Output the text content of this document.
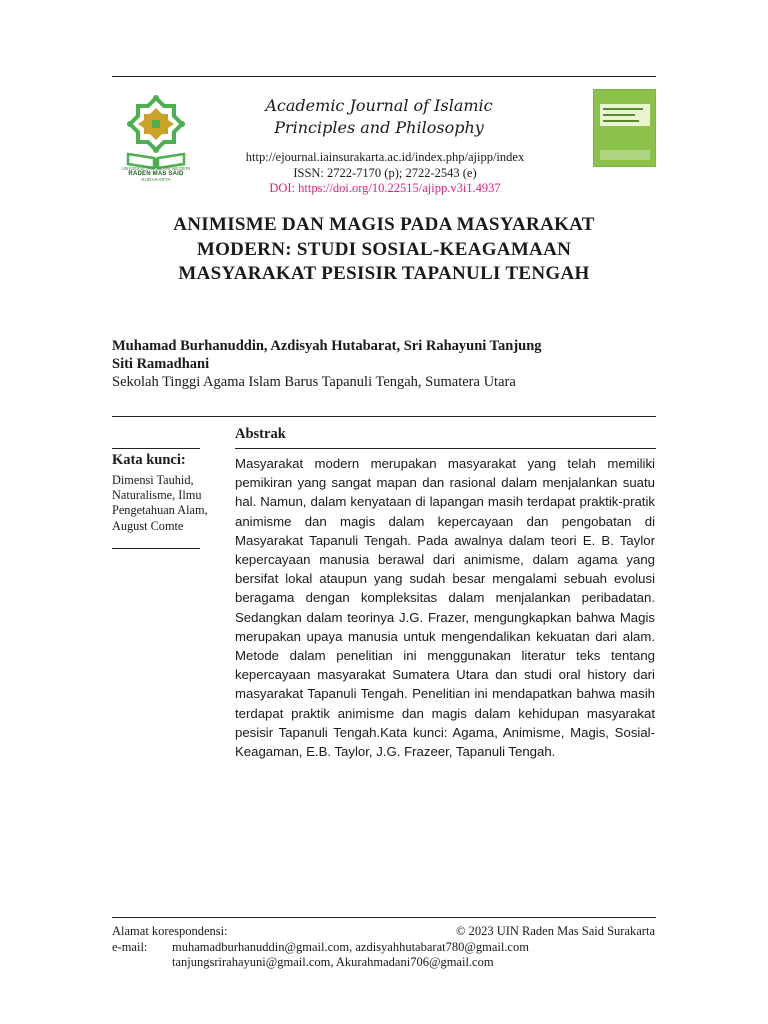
UNIVERSITAS ISLAM NEGERI
RADEN MAS SAID
SURAKARTA
Academic Journal of Islamic
Principles and Philosophy
http://ejournal.iainsurakarta.ac.id/index.php/ajipp/index
ISSN: 2722-7170 (p); 2722-2543 (e)
DOI: https://doi.org/10.22515/ajipp.v3i1.4937
ANIMISME DAN MAGIS PADA MASYARAKAT
MODERN: STUDI SOSIAL-KEAGAMAAN
MASYARAKAT PESISIR TAPANULI TENGAH
Muhamad Burhanuddin, Azdisyah Hutabarat, Sri Rahayuni Tanjung
Siti Ramadhani
Sekolah Tinggi Agama Islam Barus Tapanuli Tengah, Sumatera Utara
Abstrak
Kata kunci:
Dimensi Tauhid,
Naturalisme, Ilmu
Pengetahuan Alam,
August Comte
Masyarakat modern merupakan masyarakat yang telah memiliki pemikiran yang sangat mapan dan rasional dalam menjalankan suatu hal. Namun, dalam kenyataan di lapangan masih terdapat praktik-pratik animisme dan magis dalam kepercayaan dan pengobatan di Masyarakat Tapanuli Tengah. Pada awalnya dalam teori E. B. Taylor kepercayaan manusia berawal dari animisme, dalam agama yang bersifat lokal ataupun yang sudah besar mengalami sebuah evolusi beragama dengan kompleksitas dalam menjalankan peribadatan. Sedangkan dalam teorinya J.G. Frazer, mengungkapkan bahwa Magis merupakan upaya manusia untuk mengendalikan kekuatan dari alam. Metode dalam penelitian ini menggunakan literatur teks tentang kepercayaan masyarakat Sumatera Utara dan studi oral history dari masyarakat Tapanuli Tengah. Penelitian ini mendapatkan bahwa masih terdapat praktik animisme dan magis dalam kehidupan masyarakat pesisir Tapanuli Tengah.Kata kunci: Agama, Animisme, Magis, Sosial-Keagaman, E.B. Taylor, J.G. Frazeer, Tapanuli Tengah.
Alamat korespondensi:	© 2023 UIN Raden Mas Said Surakarta
e-mail: muhamadburhanuddin@gmail.com, azdisyahhutabarat780@gmail.com
tanjungsrirahayuni@gmail.com, Akurahmadani706@gmail.com
